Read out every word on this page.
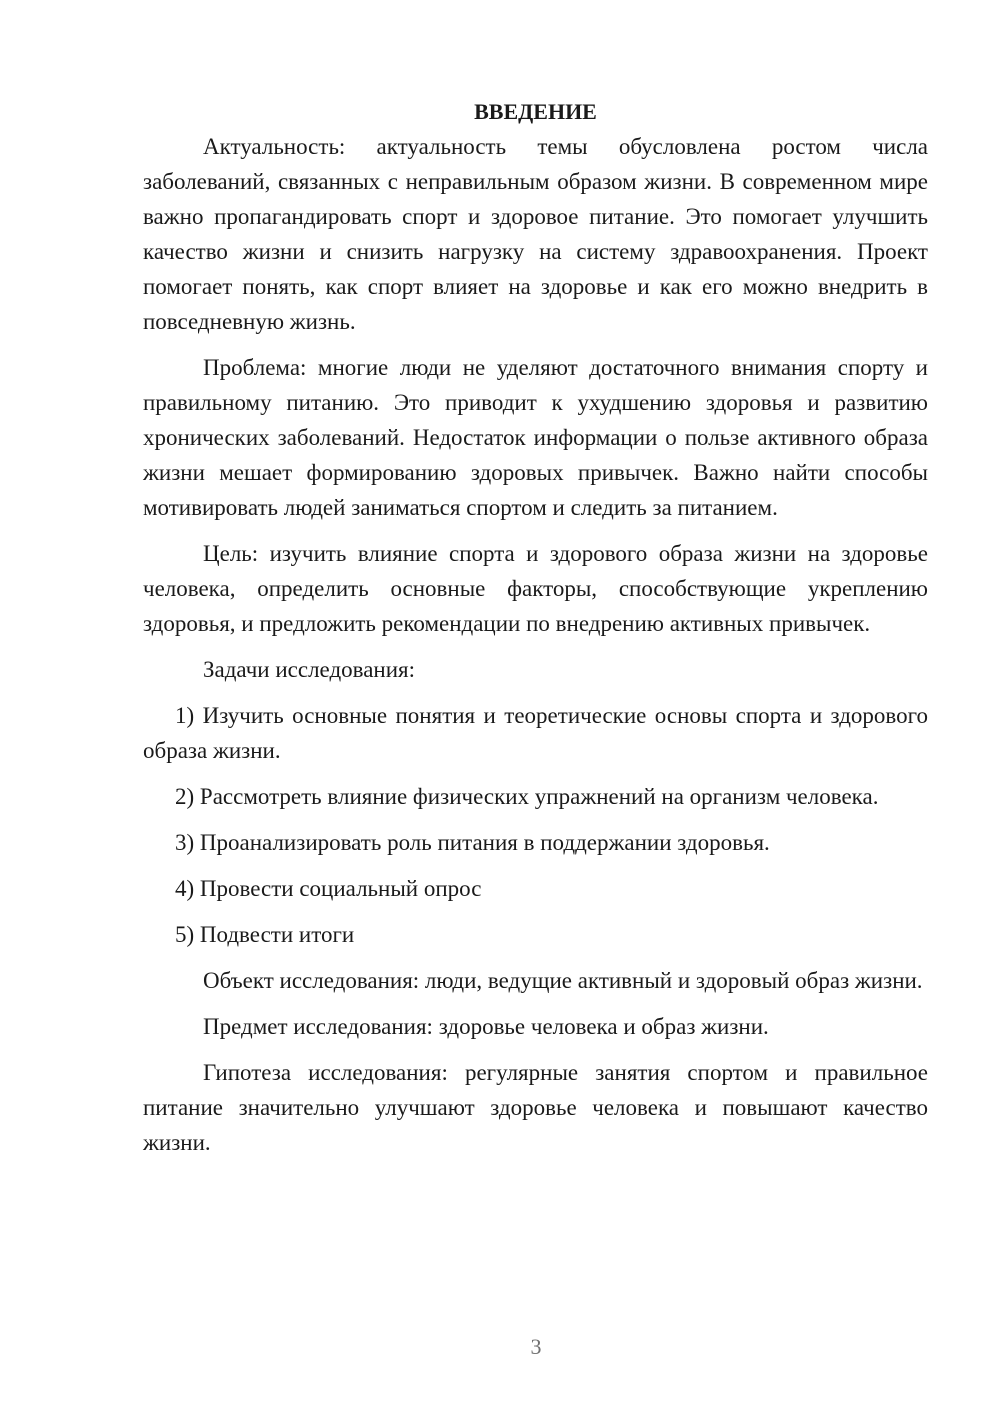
ВВЕДЕНИЕ

Актуальность: актуальность темы обусловлена ростом числа заболеваний, связанных с неправильным образом жизни. В современном мире важно пропагандировать спорт и здоровое питание. Это помогает улучшить качество жизни и снизить нагрузку на систему здравоохранения. Проект помогает понять, как спорт влияет на здоровье и как его можно внедрить в повседневную жизнь.

Проблема: многие люди не уделяют достаточного внимания спорту и правильному питанию. Это приводит к ухудшению здоровья и развитию хронических заболеваний. Недостаток информации о пользе активного образа жизни мешает формированию здоровых привычек. Важно найти способы мотивировать людей заниматься спортом и следить за питанием.

Цель: изучить влияние спорта и здорового образа жизни на здоровье человека, определить основные факторы, способствующие укреплению здоровья, и предложить рекомендации по внедрению активных привычек.

Задачи исследования:

1) Изучить основные понятия и теоретические основы спорта и здорового образа жизни.

2) Рассмотреть влияние физических упражнений на организм человека.

3) Проанализировать роль питания в поддержании здоровья.

4) Провести социальный опрос

5) Подвести итоги

Объект исследования: люди, ведущие активный и здоровый образ жизни.

Предмет исследования: здоровье человека и образ жизни.

Гипотеза исследования: регулярные занятия спортом и правильное питание значительно улучшают здоровье человека и повышают качество жизни.

3
